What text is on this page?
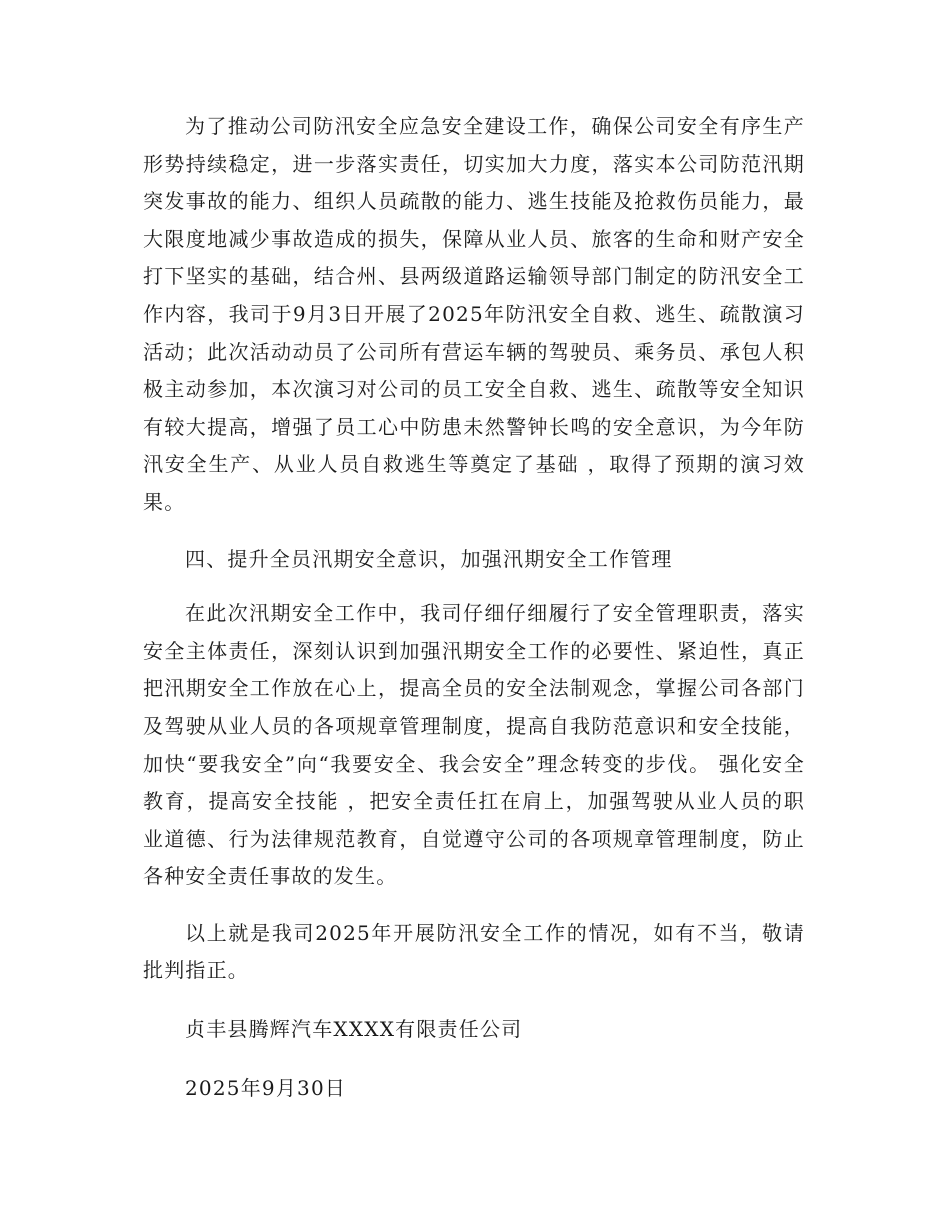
为了推动公司防汛安全应急安全建设工作，确保公司安全有序生产形势持续稳定，进一步落实责任，切实加大力度，落实本公司防范汛期突发事故的能力、组织人员疏散的能力、逃生技能及抢救伤员能力，最大限度地减少事故造成的损失，保障从业人员、旅客的生命和财产安全打下坚实的基础，结合州、县两级道路运输领导部门制定的防汛安全工作内容，我司于9月3日开展了2025年防汛安全自救、逃生、疏散演习活动；此次活动动员了公司所有营运车辆的驾驶员、乘务员、承包人积极主动参加，本次演习对公司的员工安全自救、逃生、疏散等安全知识有较大提高，增强了员工心中防患未然警钟长鸣的安全意识，为今年防汛安全生产、从业人员自救逃生等奠定了基础 ，取得了预期的演习效果。

四、提升全员汛期安全意识，加强汛期安全工作管理

在此次汛期安全工作中，我司仔细仔细履行了安全管理职责，落实安全主体责任，深刻认识到加强汛期安全工作的必要性、紧迫性，真正把汛期安全工作放在心上，提高全员的安全法制观念，掌握公司各部门及驾驶从业人员的各项规章管理制度，提高自我防范意识和安全技能，加快“要我安全”向“我要安全、我会安全”理念转变的步伐。 强化安全教育，提高安全技能 ，把安全责任扛在肩上，加强驾驶从业人员的职业道德、行为法律规范教育，自觉遵守公司的各项规章管理制度，防止各种安全责任事故的发生。

以上就是我司2025年开展防汛安全工作的情况，如有不当，敬请批判指正。

贞丰县腾辉汽车XXXX有限责任公司

2025年9月30日
